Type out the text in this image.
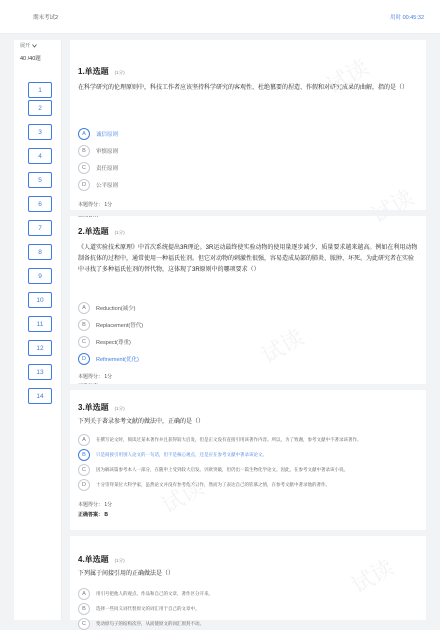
期末考试2	用时 00:45:32
展开
40 /40题
1
2
3
4
5
6
7
8
9
10
11
12
13
14
1.单选题 (1分)
在科学研究的伦理原则中，科技工作者应该坚持科学研究的客观性、杜绝篡要的捏造、作假和对研究成果的曲解，指的是（）
A	诚信原则
B	审慎原则
C	责任原则
D	公平原则
本题得分： 1分
2.单选题 (1分)
《人道实验技术原理》中首次系统提出3R理论。3R运动最终使实验动物的使用量逐步减少、质量要求越来越高。例如在利用动物制备抗体的过程中，通常使用一种福氏佐剂。但它对动物的刺激性很强，容易造成局部的肺炎、脓肿、坏死。为此研究者在实验中寻找了多种福氏佐剂的替代物，这体现了3R原则中的哪项要求（）
A	Reduction(减少)
B	Replacement(替代)
C	Respect(尊重)
D	Refinement(优化)
本题得分： 1分
3.单选题 (1分)
下列关于著录参考文献的做法中，正确的是（）
A	在撰写论文时，阅读过某本著作并且获得较大启发，但是正文没有直接引用该著作内容。所以，为了致谢，参考文献中不著录该著作。
B	只是间接引用别人论文的一句话，但不是核心观点，还是应在参考文献中著录该论文。
C	因为稿该篇参考本人一部分，在随申上受到较大启发。贝欧突破，但仍出一篇生物化学论文。因此，在参考文献中著录该小说。
D	十分崇拜某位大科学家，虽然论文并没有参考他的著作，然而为了表达自己的钦慕之情，在参考文献中著录他的著作。
本题得分： 1分
正确答案： B
4.单选题 (1分)
下列属于间接引用的正确做法是（）
A	用引号把他人的观点、作品和自己的文章，著作区分开来。
B	选择一些同义词代替原文的词汇用于自己的文章中。
C	变动原句子的结构次序，从而使原文的词汇原封不动。
试读
试读
试读
试读
试读
